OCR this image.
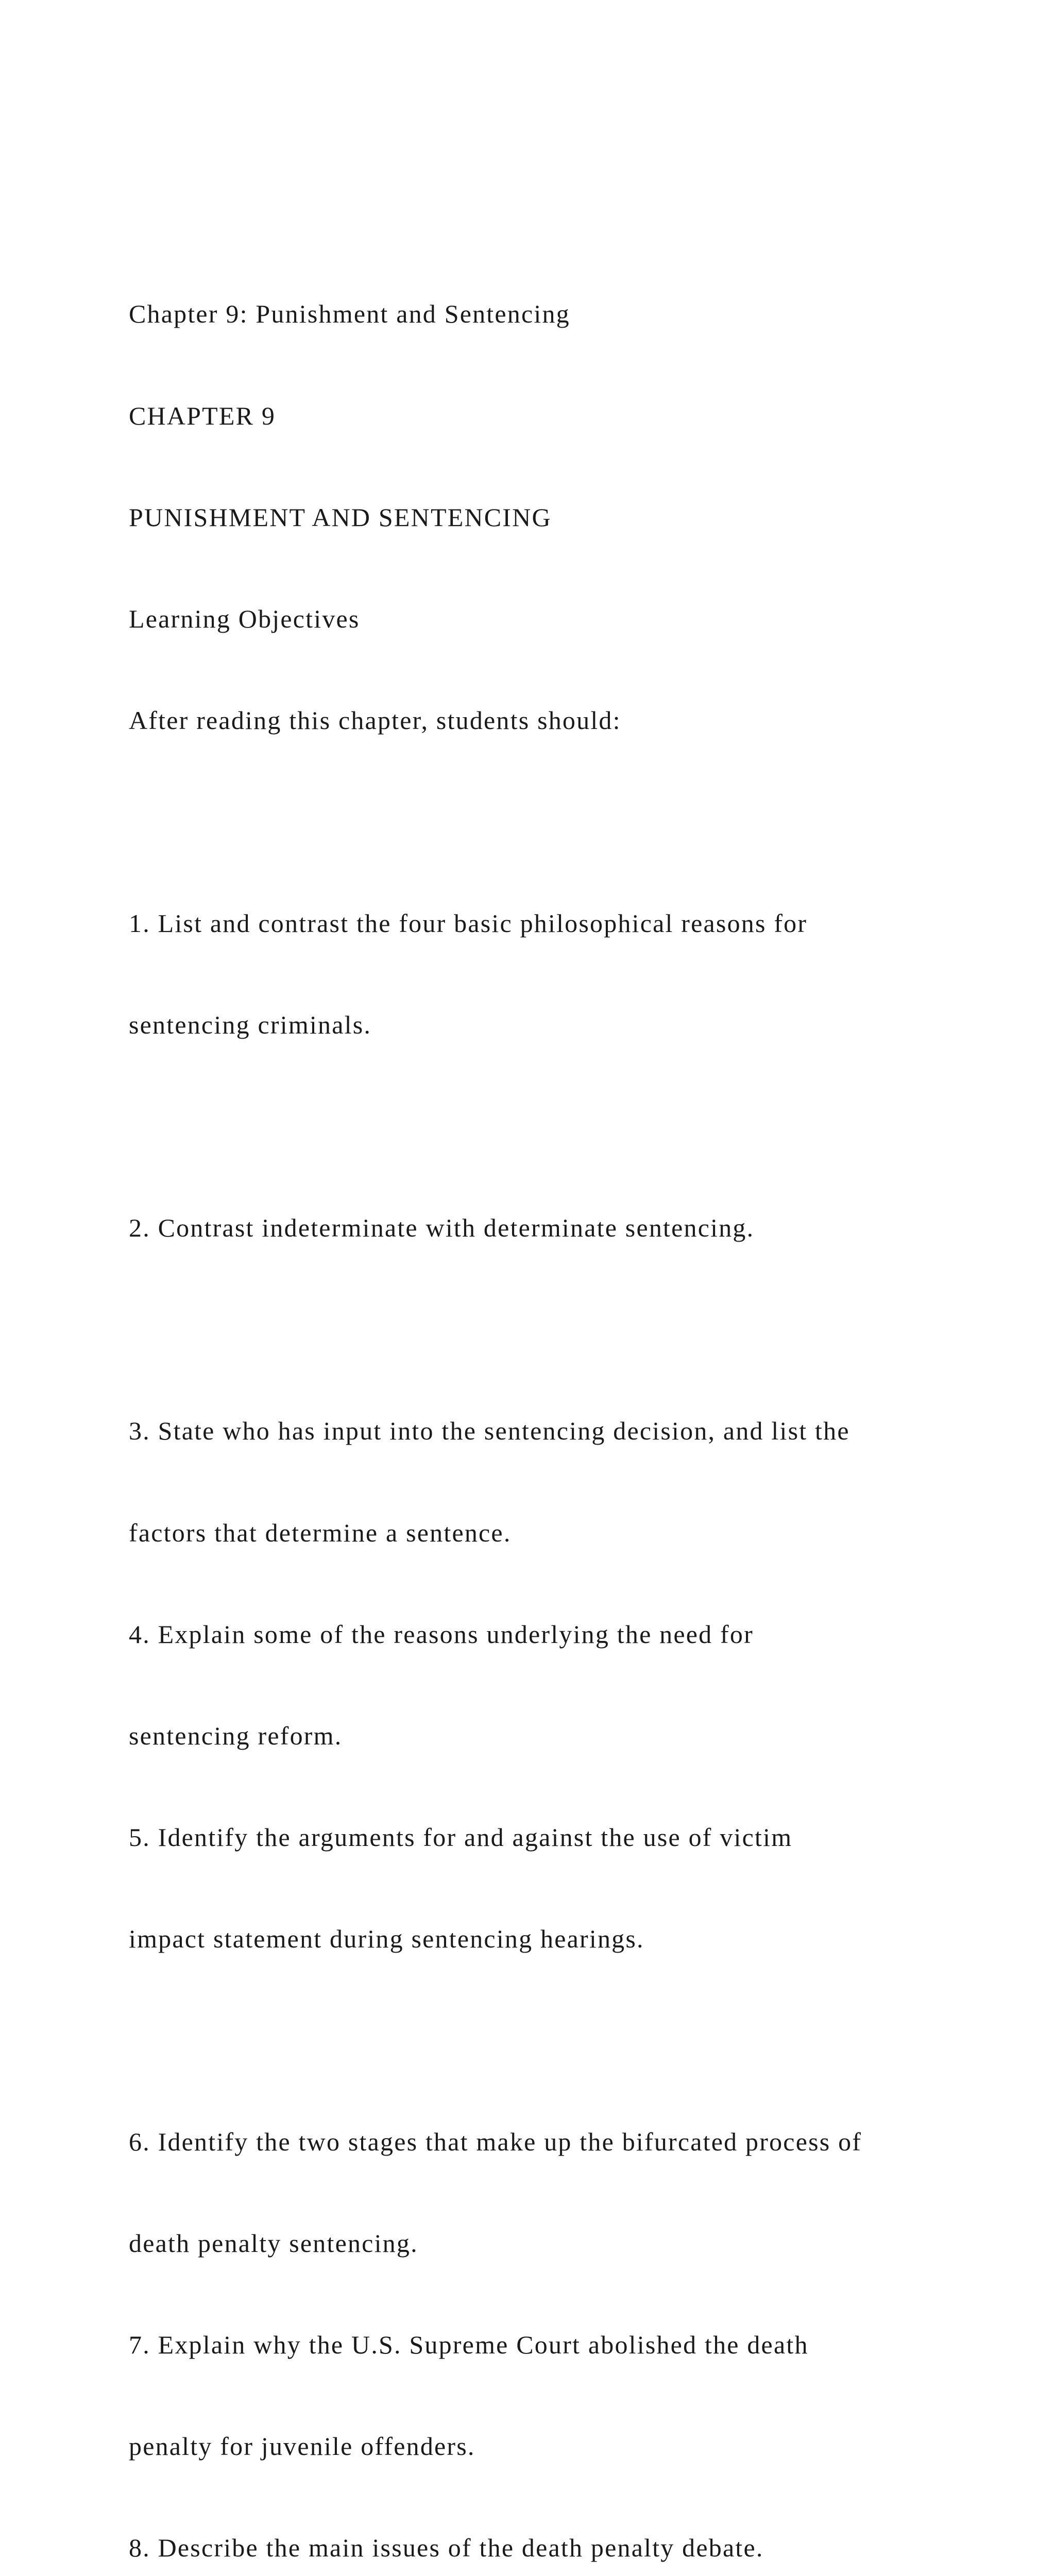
Chapter 9: Punishment and Sentencing

CHAPTER 9

PUNISHMENT AND SENTENCING

Learning Objectives

After reading this chapter, students should:

1. List and contrast the four basic philosophical reasons for

sentencing criminals.

2. Contrast indeterminate with determinate sentencing.

3. State who has input into the sentencing decision, and list the

factors that determine a sentence.

4. Explain some of the reasons underlying the need for

sentencing reform.

5. Identify the arguments for and against the use of victim

impact statement during sentencing hearings.

6. Identify the two stages that make up the bifurcated process of

death penalty sentencing.

7. Explain why the U.S. Supreme Court abolished the death

penalty for juvenile offenders.

8. Describe the main issues of the death penalty debate.
